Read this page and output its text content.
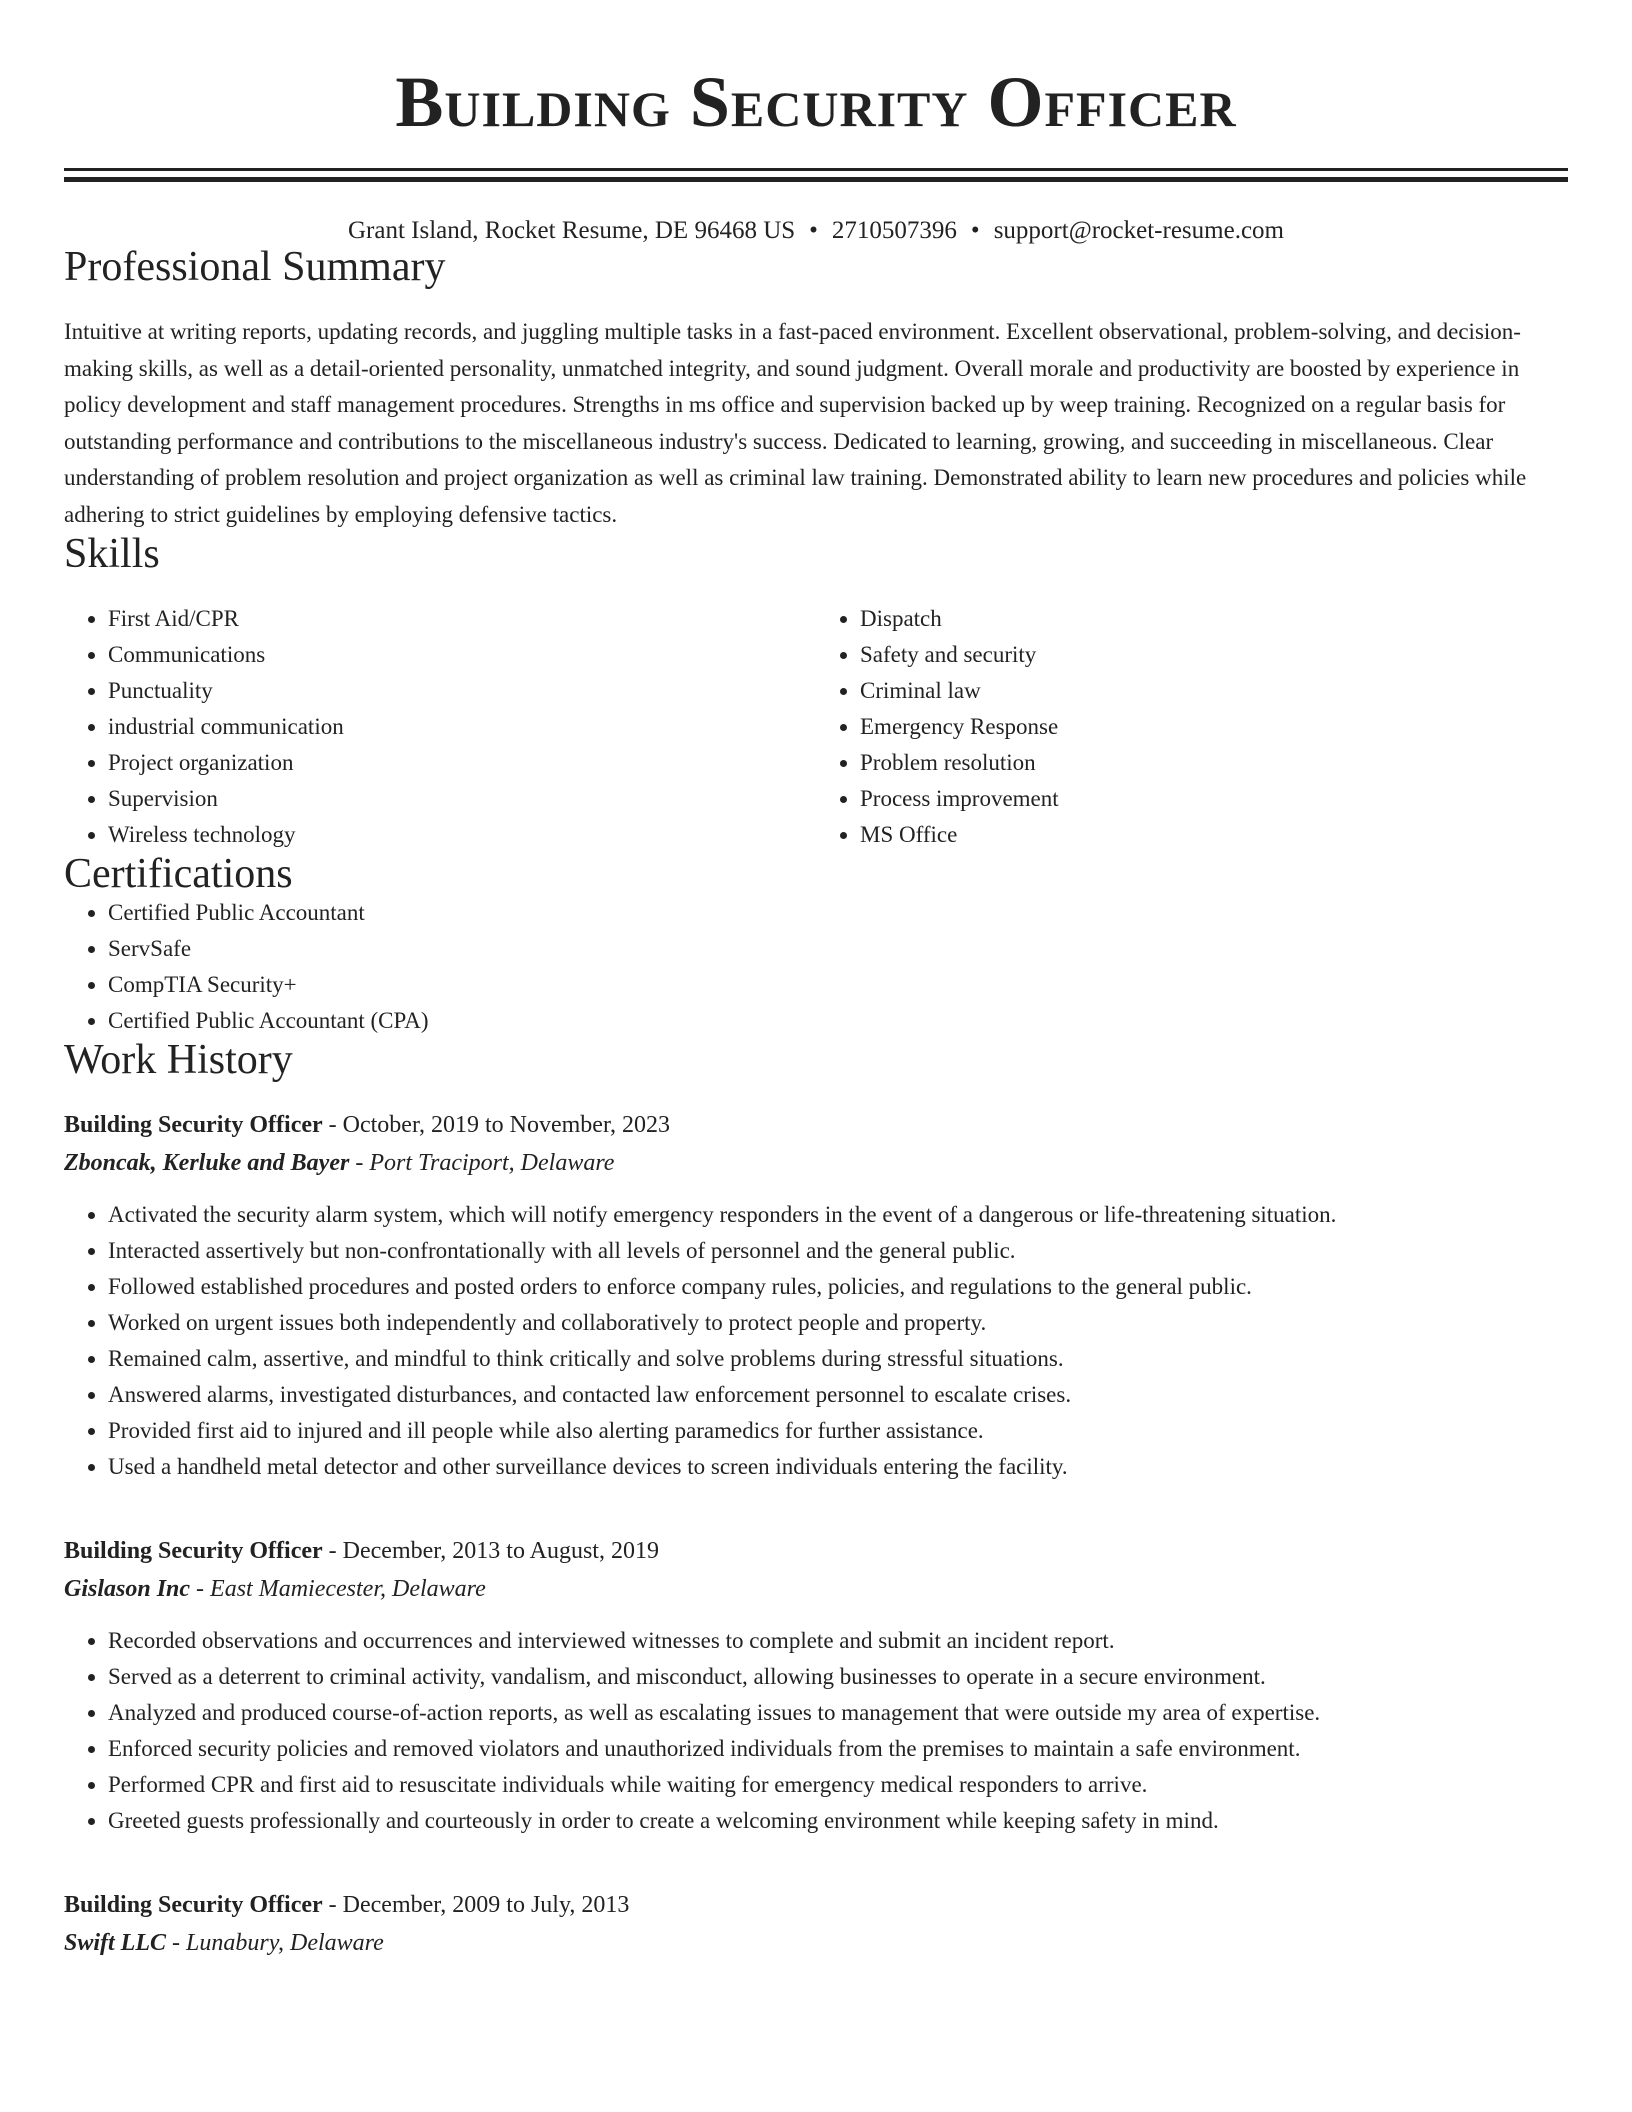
Building Security Officer
Grant Island, Rocket Resume, DE 96468 US • 2710507396 • support@rocket-resume.com
Professional Summary

Intuitive at writing reports, updating records, and juggling multiple tasks in a fast-paced environment. Excellent observational, problem-solving, and decision-making skills, as well as a detail-oriented personality, unmatched integrity, and sound judgment. Overall morale and productivity are boosted by experience in policy development and staff management procedures. Strengths in ms office and supervision backed up by weep training. Recognized on a regular basis for outstanding performance and contributions to the miscellaneous industry's success. Dedicated to learning, growing, and succeeding in miscellaneous. Clear understanding of problem resolution and project organization as well as criminal law training. Demonstrated ability to learn new procedures and policies while adhering to strict guidelines by employing defensive tactics.

Skills
• First Aid/CPR
• Communications
• Punctuality
• industrial communication
• Project organization
• Supervision
• Wireless technology
• Dispatch
• Safety and security
• Criminal law
• Emergency Response
• Problem resolution
• Process improvement
• MS Office
Certifications
• Certified Public Accountant
• ServSafe
• CompTIA Security+
• Certified Public Accountant (CPA)
Work History
Building Security Officer - October, 2019 to November, 2023
Zboncak, Kerluke and Bayer - Port Traciport, Delaware
• Activated the security alarm system, which will notify emergency responders in the event of a dangerous or life-threatening situation.
• Interacted assertively but non-confrontationally with all levels of personnel and the general public.
• Followed established procedures and posted orders to enforce company rules, policies, and regulations to the general public.
• Worked on urgent issues both independently and collaboratively to protect people and property.
• Remained calm, assertive, and mindful to think critically and solve problems during stressful situations.
• Answered alarms, investigated disturbances, and contacted law enforcement personnel to escalate crises.
• Provided first aid to injured and ill people while also alerting paramedics for further assistance.
• Used a handheld metal detector and other surveillance devices to screen individuals entering the facility.
Building Security Officer - December, 2013 to August, 2019
Gislason Inc - East Mamiecester, Delaware
• Recorded observations and occurrences and interviewed witnesses to complete and submit an incident report.
• Served as a deterrent to criminal activity, vandalism, and misconduct, allowing businesses to operate in a secure environment.
• Analyzed and produced course-of-action reports, as well as escalating issues to management that were outside my area of expertise.
• Enforced security policies and removed violators and unauthorized individuals from the premises to maintain a safe environment.
• Performed CPR and first aid to resuscitate individuals while waiting for emergency medical responders to arrive.
• Greeted guests professionally and courteously in order to create a welcoming environment while keeping safety in mind.
Building Security Officer - December, 2009 to July, 2013
Swift LLC - Lunabury, Delaware
